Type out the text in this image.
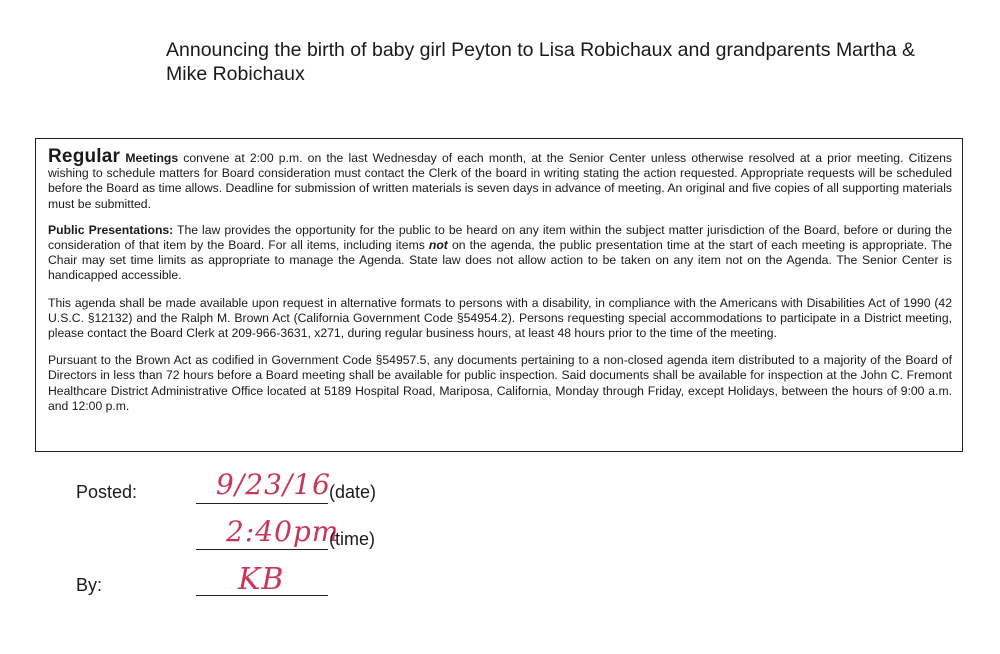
Announcing the birth of baby girl Peyton to Lisa Robichaux and grandparents Martha & Mike Robichaux

Regular Meetings convene at 2:00 p.m. on the last Wednesday of each month, at the Senior Center unless otherwise resolved at a prior meeting. Citizens wishing to schedule matters for Board consideration must contact the Clerk of the board in writing stating the action requested. Appropriate requests will be scheduled before the Board as time allows. Deadline for submission of written materials is seven days in advance of meeting. An original and five copies of all supporting materials must be submitted.

Public Presentations: The law provides the opportunity for the public to be heard on any item within the subject matter jurisdiction of the Board, before or during the consideration of that item by the Board. For all items, including items not on the agenda, the public presentation time at the start of each meeting is appropriate. The Chair may set time limits as appropriate to manage the Agenda. State law does not allow action to be taken on any item not on the Agenda. The Senior Center is handicapped accessible.

This agenda shall be made available upon request in alternative formats to persons with a disability, in compliance with the Americans with Disabilities Act of 1990 (42 U.S.C. §12132) and the Ralph M. Brown Act (California Government Code §54954.2). Persons requesting special accommodations to participate in a District meeting, please contact the Board Clerk at 209-966-3631, x271, during regular business hours, at least 48 hours prior to the time of the meeting.

Pursuant to the Brown Act as codified in Government Code §54957.5, any documents pertaining to a non-closed agenda item distributed to a majority of the Board of Directors in less than 72 hours before a Board meeting shall be available for public inspection. Said documents shall be available for inspection at the John C. Fremont Healthcare District Administrative Office located at 5189 Hospital Road, Mariposa, California, Monday through Friday, except Holidays, between the hours of 9:00 a.m. and 12:00 p.m.

Posted:	9/23/16
(date)
2:40pm
(time)
By:	KB
